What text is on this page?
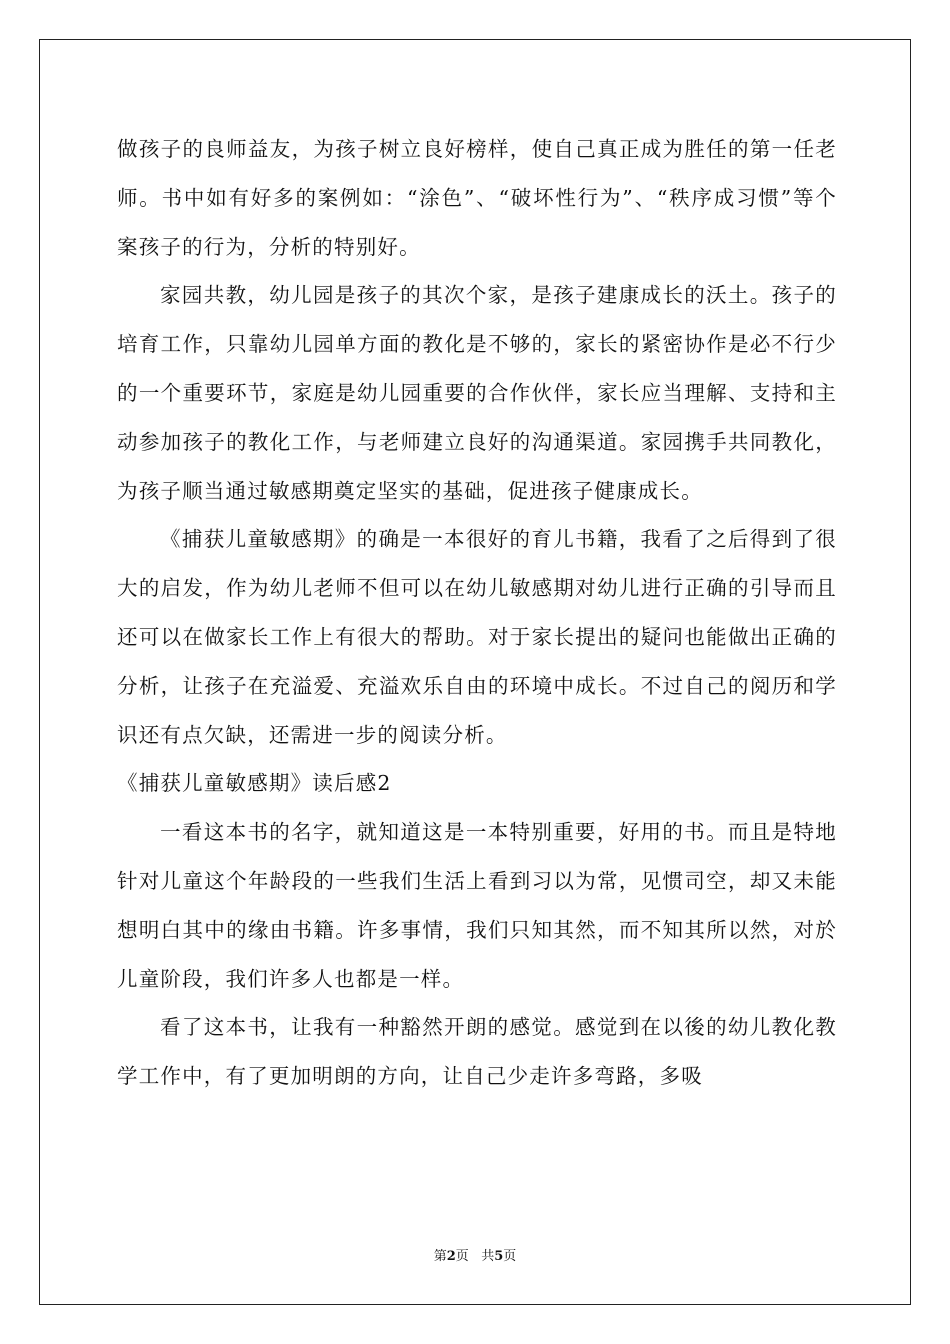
做孩子的良师益友，为孩子树立良好榜样，使自己真正成为胜任的第一任老师。书中如有好多的案例如：“涂色”、“破坏性行为”、“秩序成习惯”等个案孩子的行为，分析的特别好。

家园共教，幼儿园是孩子的其次个家，是孩子建康成长的沃土。孩子的培育工作，只靠幼儿园单方面的教化是不够的，家长的紧密协作是必不行少的一个重要环节，家庭是幼儿园重要的合作伙伴，家长应当理解、支持和主动参加孩子的教化工作，与老师建立良好的沟通渠道。家园携手共同教化，为孩子顺当通过敏感期奠定坚实的基础，促进孩子健康成长。

《捕获儿童敏感期》的确是一本很好的育儿书籍，我看了之后得到了很大的启发，作为幼儿老师不但可以在幼儿敏感期对幼儿进行正确的引导而且还可以在做家长工作上有很大的帮助。对于家长提出的疑问也能做出正确的分析，让孩子在充溢爱、充溢欢乐自由的环境中成长。不过自己的阅历和学识还有点欠缺，还需进一步的阅读分析。

《捕获儿童敏感期》读后感2

一看这本书的名字，就知道这是一本特别重要，好用的书。而且是特地针对儿童这个年龄段的一些我们生活上看到习以为常，见惯司空，却又未能想明白其中的缘由书籍。许多事情，我们只知其然，而不知其所以然，对於儿童阶段，我们许多人也都是一样。

看了这本书，让我有一种豁然开朗的感觉。感觉到在以後的幼儿教化教学工作中，有了更加明朗的方向，让自己少走许多弯路，多吸

第2页 共5页
